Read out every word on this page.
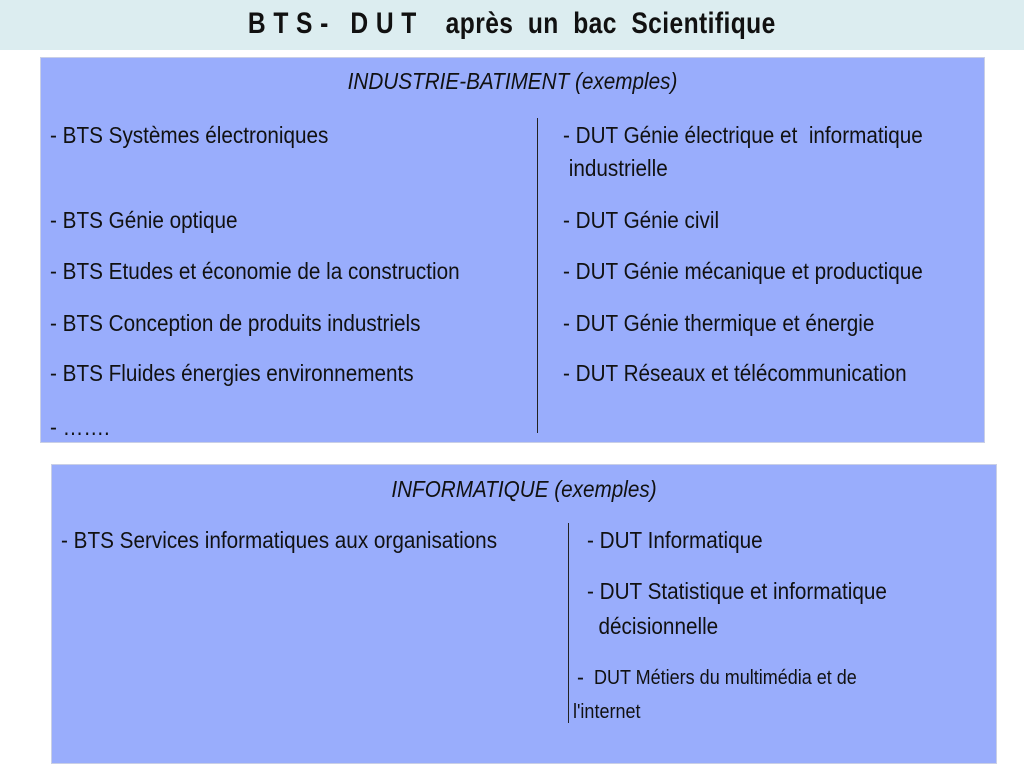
B T S -   D U T    après  un  bac  Scientifique
INDUSTRIE-BATIMENT (exemples)
- BTS Systèmes électroniques
- BTS Génie optique
- BTS Etudes et économie de la construction
- BTS Conception de produits industriels
- BTS Fluides énergies environnements
- …….
- DUT Génie électrique et  informatique
industrielle
- DUT Génie civil
- DUT Génie mécanique et productique
- DUT Génie thermique et énergie
- DUT Réseaux et télécommunication
INFORMATIQUE (exemples)
- BTS Services informatiques aux organisations	- DUT Informatique
- DUT Statistique et informatique
décisionnelle
- DUT Métiers du multimédia et de
l'internet
